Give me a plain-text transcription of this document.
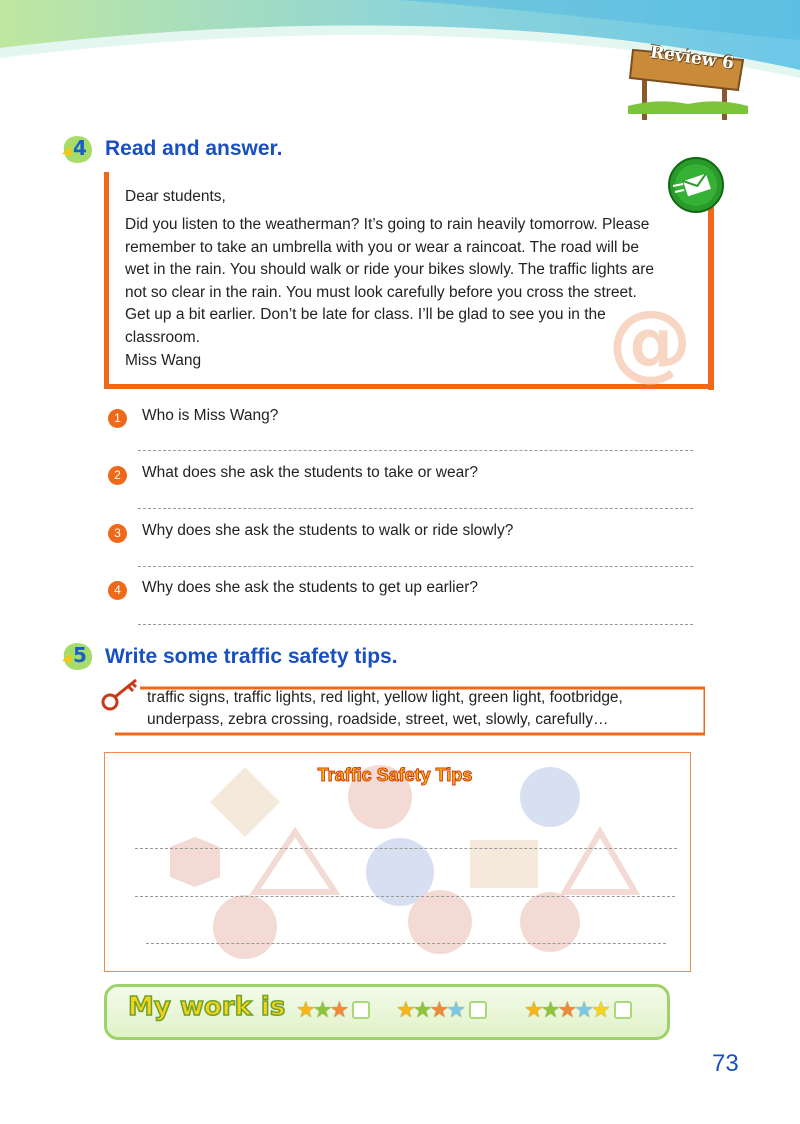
Review 6
4 Read and answer.
@
Dear students,
Did you listen to the weatherman? It’s going to rain heavily tomorrow. Please
remember to take an umbrella with you or wear a raincoat. The road will be
wet in the rain. You should walk or ride your bikes slowly. The traffic lights are
not so clear in the rain. You must look carefully before you cross the street.
Get up a bit earlier. Don’t be late for class. I’ll be glad to see you in the
classroom.
Miss Wang
1	Who is Miss Wang?
2	What does she ask the students to take or wear?
3	Why does she ask the students to walk or ride slowly?
4	Why does she ask the students to get up earlier?
5 Write some traffic safety tips.
traffic signs, traffic lights, red light, yellow light, green light, footbridge,
underpass, zebra crossing, roadside, street, wet, slowly, carefully…
Traffic Safety Tips
My work is ★
★
★ ★
★
★
★	★
★
★
★
★
73
